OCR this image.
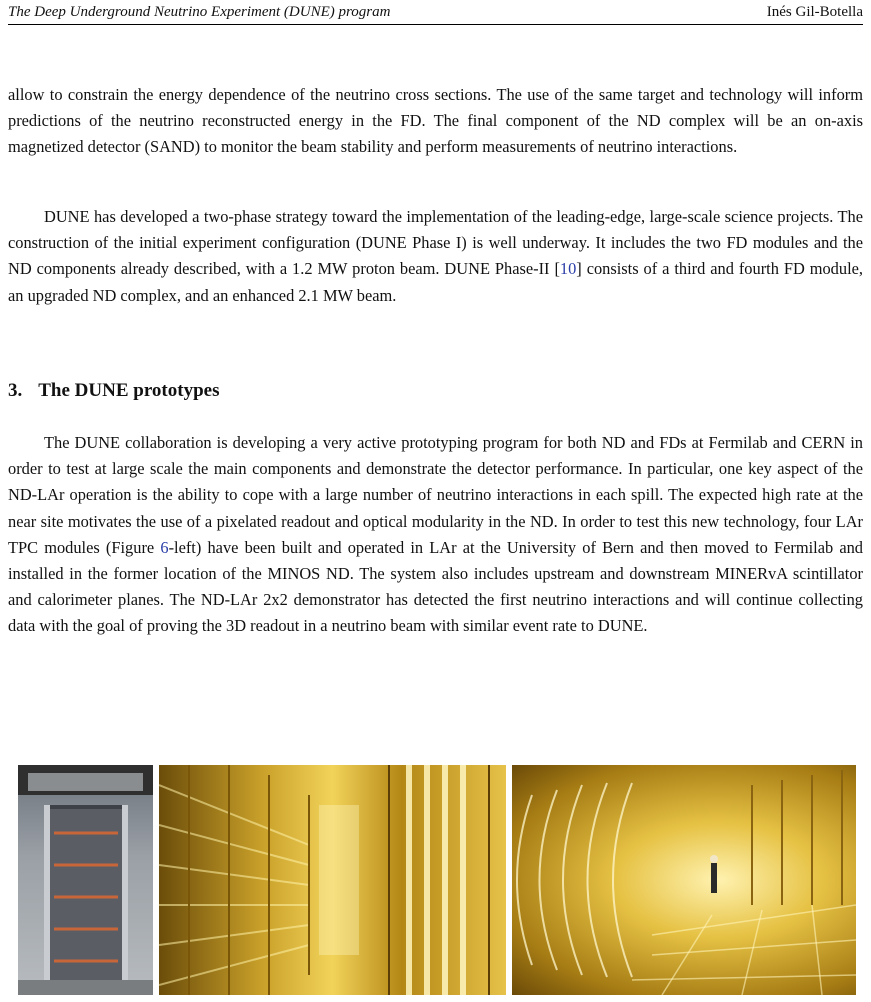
The Deep Underground Neutrino Experiment (DUNE) program	Inés Gil-Botella
allow to constrain the energy dependence of the neutrino cross sections. The use of the same target and technology will inform predictions of the neutrino reconstructed energy in the FD. The final component of the ND complex will be an on-axis magnetized detector (SAND) to monitor the beam stability and perform measurements of neutrino interactions.
DUNE has developed a two-phase strategy toward the implementation of the leading-edge, large-scale science projects. The construction of the initial experiment configuration (DUNE Phase I) is well underway. It includes the two FD modules and the ND components already described, with a 1.2 MW proton beam. DUNE Phase-II [10] consists of a third and fourth FD module, an upgraded ND complex, and an enhanced 2.1 MW beam.
3. The DUNE prototypes
The DUNE collaboration is developing a very active prototyping program for both ND and FDs at Fermilab and CERN in order to test at large scale the main components and demonstrate the detector performance. In particular, one key aspect of the ND-LAr operation is the ability to cope with a large number of neutrino interactions in each spill. The expected high rate at the near site motivates the use of a pixelated readout and optical modularity in the ND. In order to test this new technology, four LAr TPC modules (Figure 6-left) have been built and operated in LAr at the University of Bern and then moved to Fermilab and installed in the former location of the MINOS ND. The system also includes upstream and downstream MINERvA scintillator and calorimeter planes. The ND-LAr 2x2 demonstrator has detected the first neutrino interactions and will continue collecting data with the goal of proving the 3D readout in a neutrino beam with similar event rate to DUNE.
